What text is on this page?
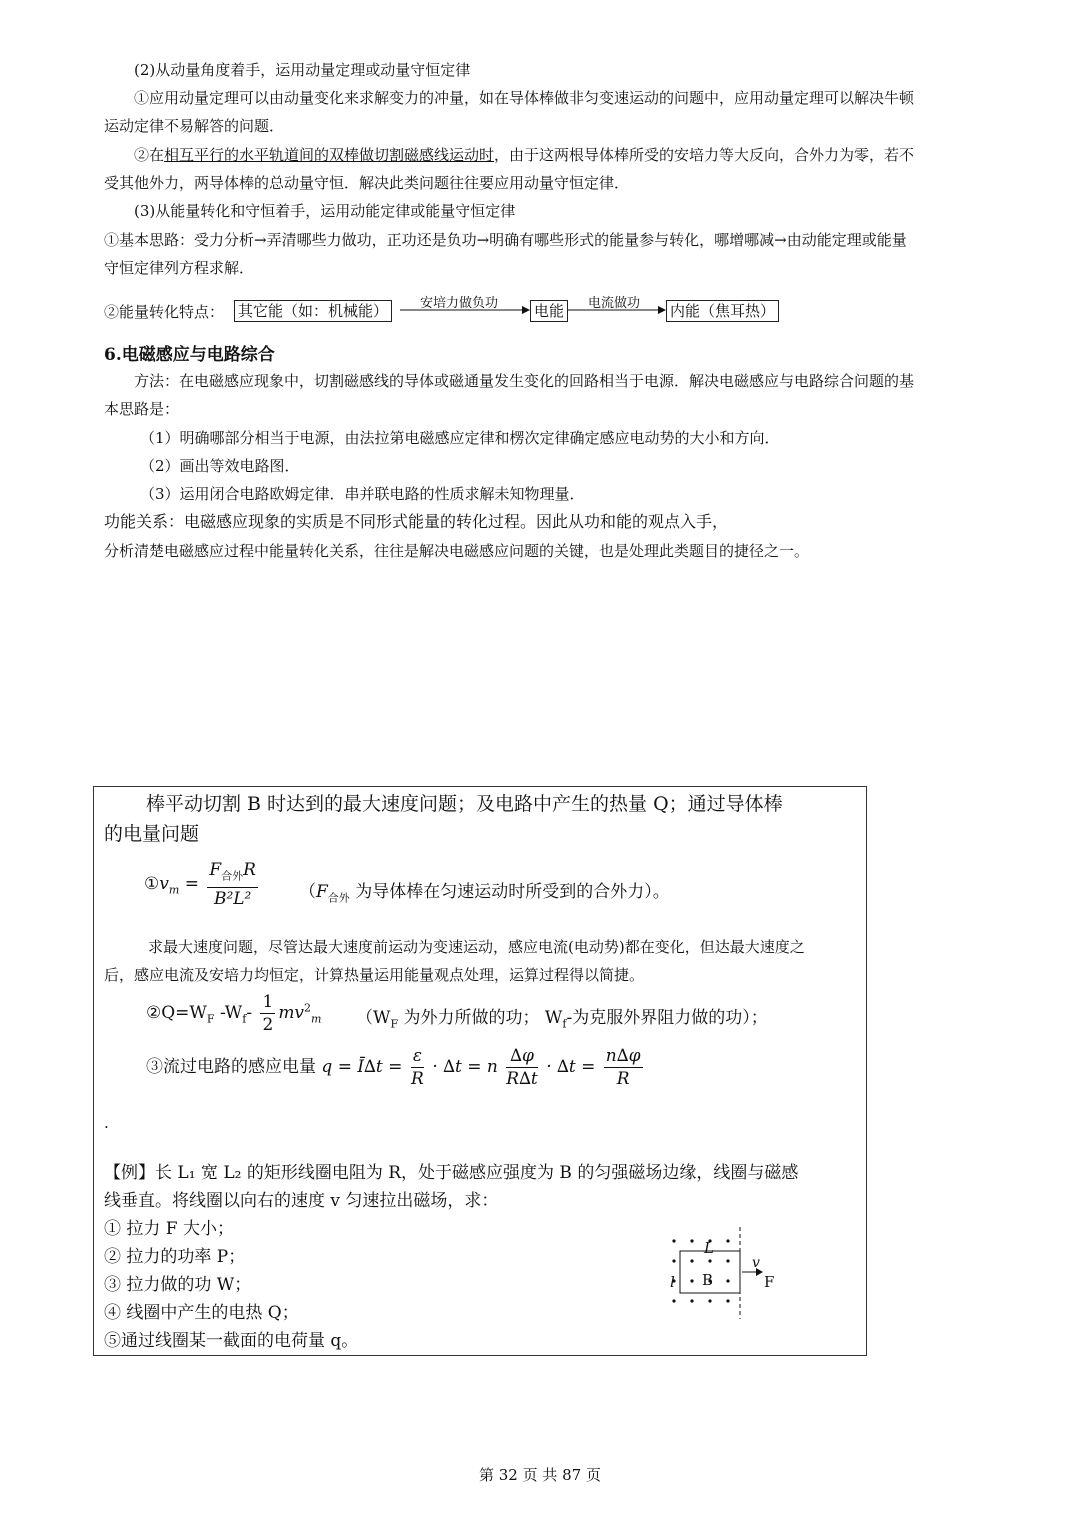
(2)从动量角度着手，运用动量定理或动量守恒定律
①应用动量定理可以由动量变化来求解变力的冲量，如在导体棒做非匀变速运动的问题中，应用动量定理可以解决牛顿
运动定律不易解答的问题．
②在相互平行的水平轨道间的双棒做切割磁感线运动时，由于这两根导体棒所受的安培力等大反向，合外力为零，若不
受其他外力，两导体棒的总动量守恒．解决此类问题往往要应用动量守恒定律．
(3)从能量转化和守恒着手，运用动能定律或能量守恒定律
①基本思路：受力分析→弄清哪些力做功，正功还是负功→明确有哪些形式的能量参与转化，哪增哪减→由动能定理或能量
守恒定律列方程求解．
②能量转化特点： 其它能（如：机械能）	安培力做负功 电能	电流做功 内能（焦耳热）
6.电磁感应与电路综合
方法：在电磁感应现象中，切割磁感线的导体或磁通量发生变化的回路相当于电源．解决电磁感应与电路综合问题的基
本思路是：
（1）明确哪部分相当于电源，由法拉第电磁感应定律和楞次定律确定感应电动势的大小和方向．
（2）画出等效电路图．
（3）运用闭合电路欧姆定律．串并联电路的性质求解未知物理量．
功能关系：电磁感应现象的实质是不同形式能量的转化过程。因此从功和能的观点入手，
分析清楚电磁感应过程中能量转化关系，往往是解决电磁感应问题的关键，也是处理此类题目的捷径之一。
棒平动切割 B 时达到的最大速度问题；及电路中产生的热量 Q；通过导体棒
的电量问题
$①v_m = \frac{F_{合外}R}{\text{B²L²}} (F_{合外}$ 为导体棒在匀速运动时所受到的合外力）。
求最大速度问题，尽管达最大速度前运动为变速运动，感应电流(电动势)都在变化，但达最大速度之
后，感应电流及安培力均恒定，计算热量运用能量观点处理，运算过程得以简捷。
$②Q=W_F$ $-W_f- \frac{1}{2} mv^2_m$ （$W_F$ 为外力所做的功； $W_f-$为克服外界阻力做的功）；
③流过电路的感应电量 q = Ī∆t = $\frac{\varepsilon}{R} \cdot \Delta t = n \frac{\Delta\varphi}{R\Delta t} \cdot \Delta t = \frac{n\Delta\varphi}{R}$
.
【例】长 L₁ 宽 L₂ 的矩形线圈电阻为 R，处于磁感应强度为 B 的匀强磁场边缘，线圈与磁感
线垂直。将线圈以向右的速度 v 匀速拉出磁场，求：
① 拉力 F 大小；
② 拉力的功率 P；
③ 拉力做的功 W；
④ 线圈中产生的电热 Q；
⑤通过线圈某一截面的电荷量 q。
L
l B
v
F
第 32 页 共 87 页
